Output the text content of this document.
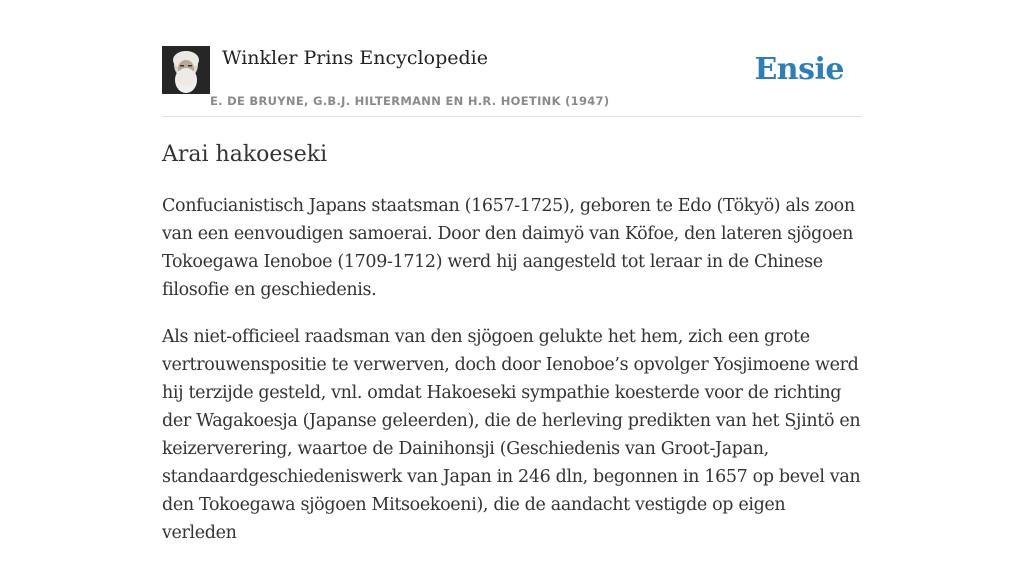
Winkler Prins Encyclopedie
E. DE BRUYNE, G.B.J. HILTERMANN EN H.R. HOETINK (1947)
Ensie
Arai hakoeseki

Confucianistisch Japans staatsman (1657-1725), geboren te Edo (Tökyö) als zoon van een eenvoudigen samoerai. Door den daimyö van Köfoe, den lateren sjögoen Tokoegawa Ienoboe (1709-1712) werd hij aangesteld tot leraar in de Chinese filosofie en geschiedenis.

Als niet-officieel raadsman van den sjögoen gelukte het hem, zich een grote vertrouwenspositie te verwerven, doch door Ienoboe’s opvolger Yosjimoene werd hij terzijde gesteld, vnl. omdat Hakoeseki sympathie koesterde voor de richting der Wagakoesja (Japanse geleerden), die de herleving predikten van het Sjintö en keizerverering, waartoe de Dainihonsji (Geschiedenis van Groot-Japan, standaardgeschiedeniswerk van Japan in 246 dln, begonnen in 1657 op bevel van den Tokoegawa sjögoen Mitsoekoeni), die de aandacht vestigde op eigen verleden
